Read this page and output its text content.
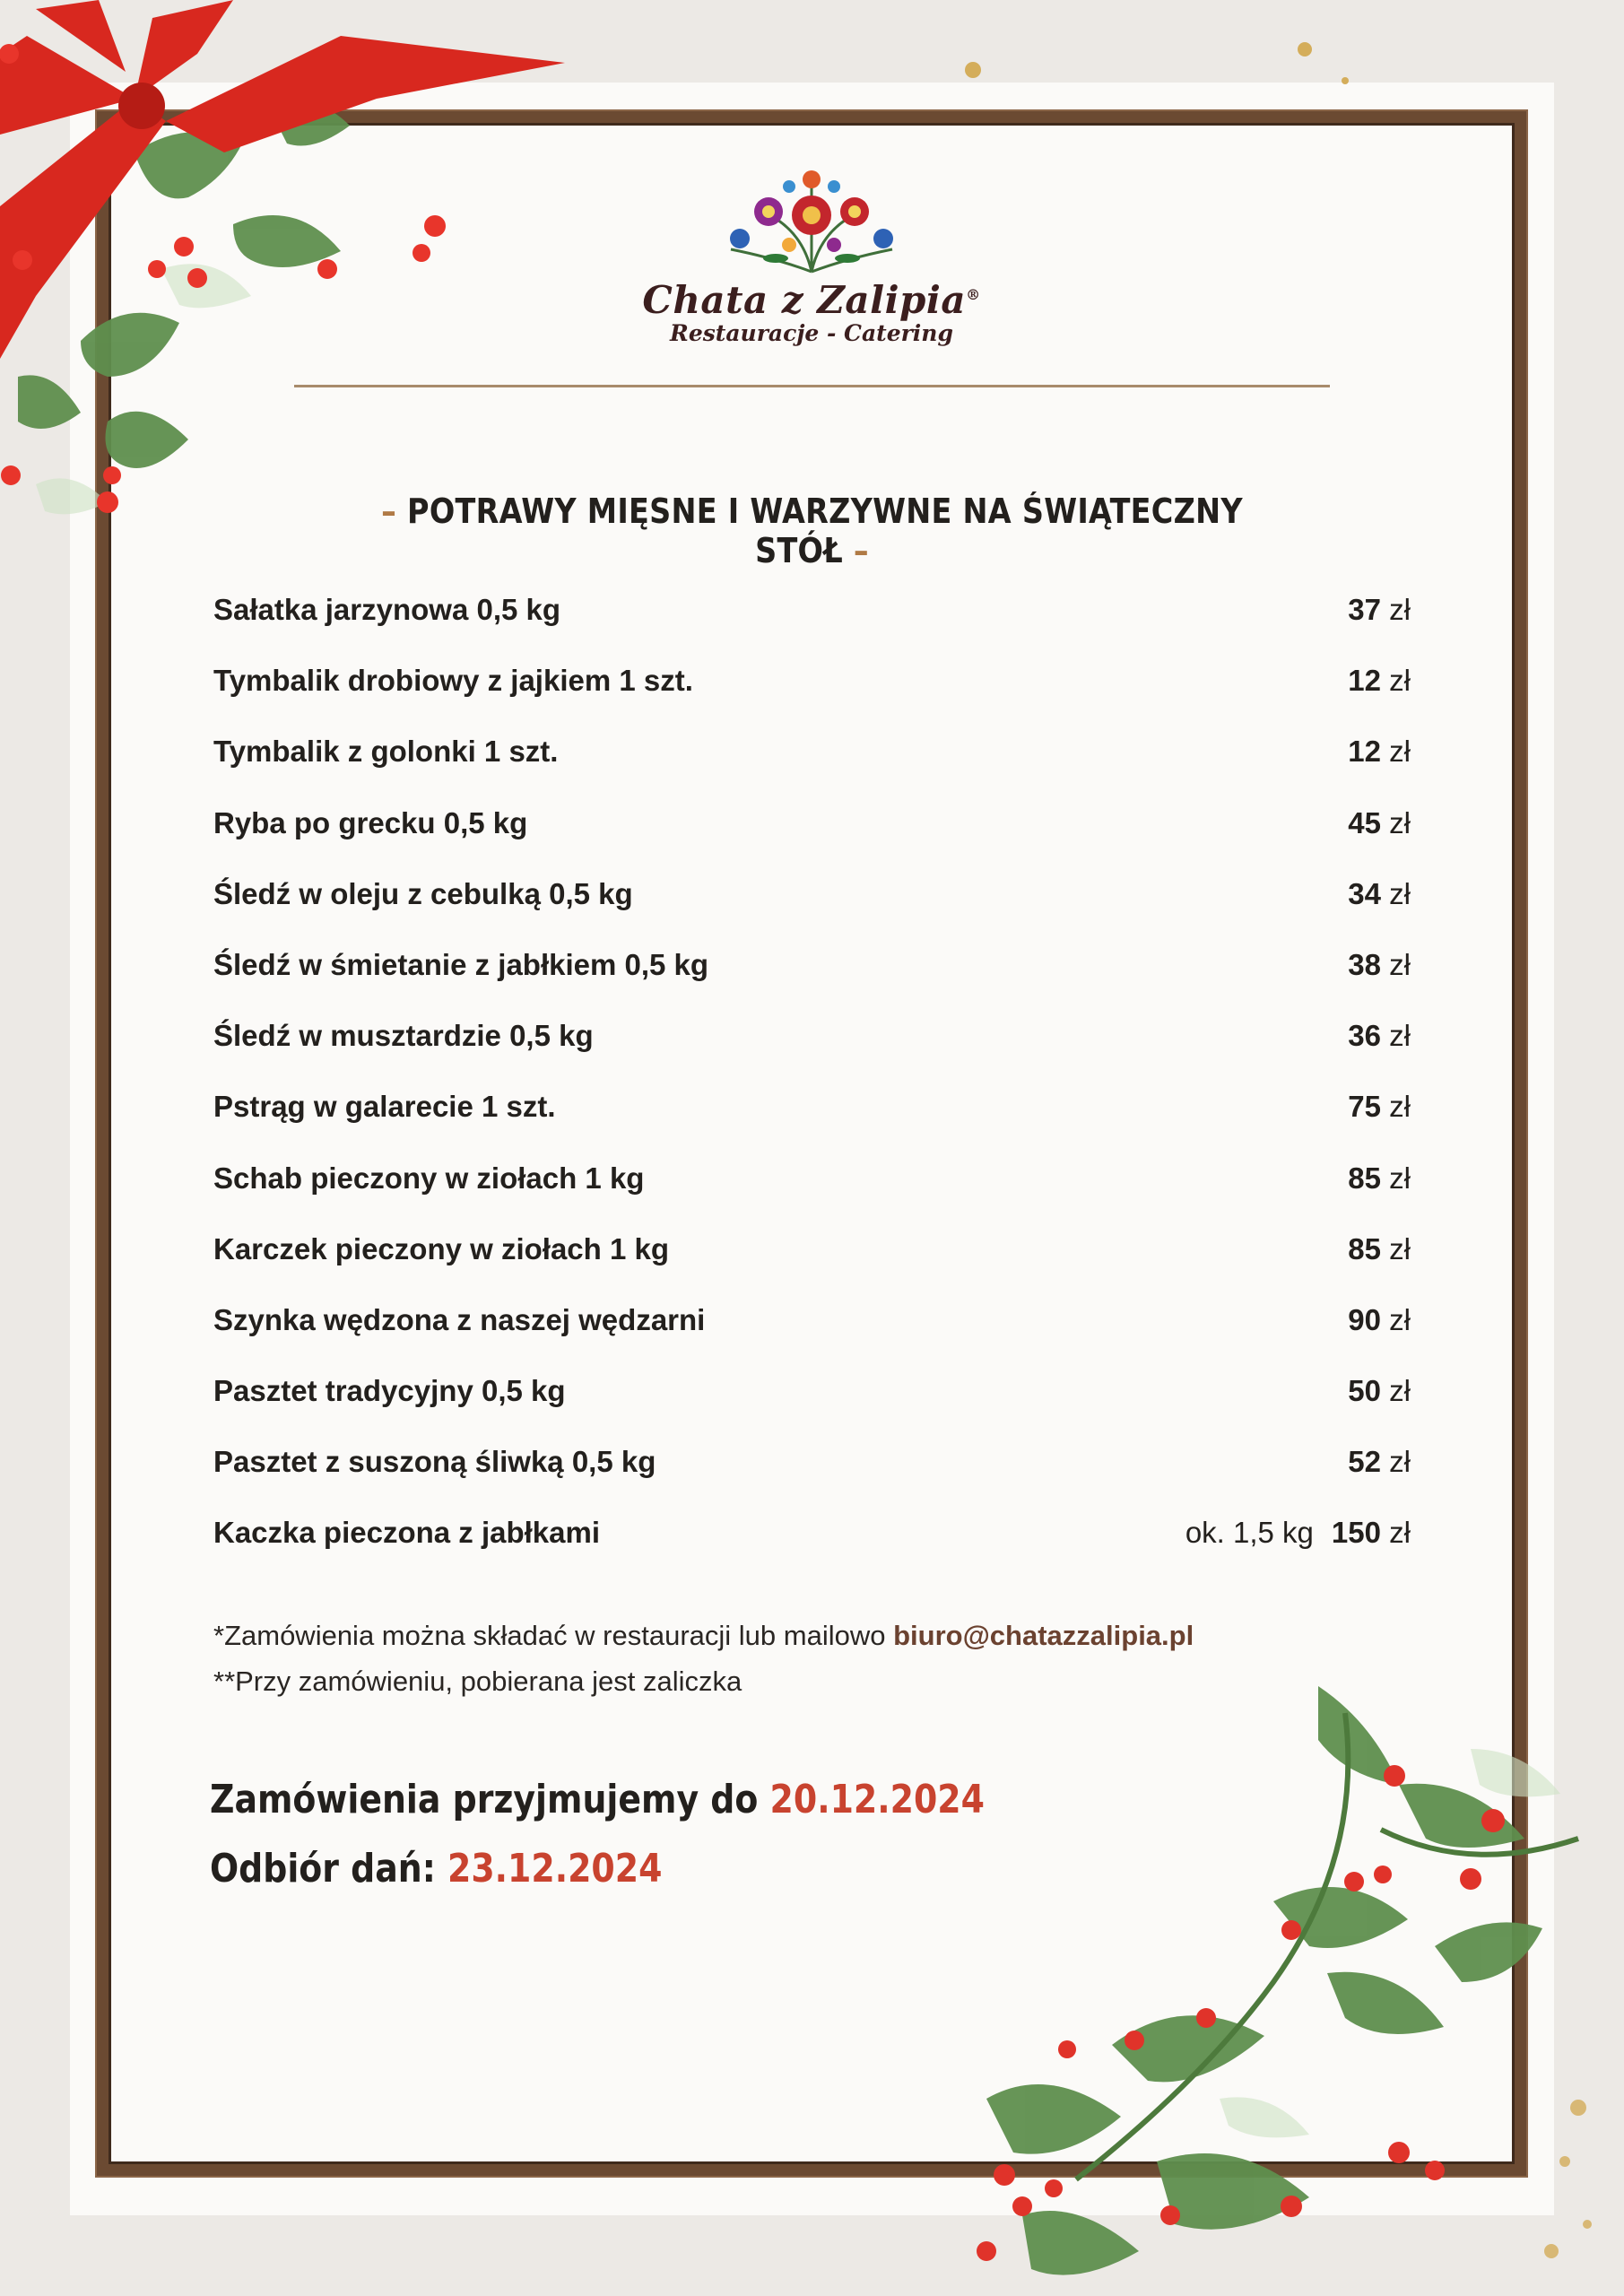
Chata z Zalipia®
Restauracje - Catering
– POTRAWY MIĘSNE I WARZYWNE NA ŚWIĄTECZNY STÓŁ –
Sałatka jarzynowa 0,5 kg	37 zł
Tymbalik drobiowy z jajkiem 1 szt.	12 zł
Tymbalik z golonki 1 szt.	12 zł
Ryba po grecku 0,5 kg	45 zł
Śledź w oleju z cebulką 0,5 kg	34 zł
Śledź w śmietanie z jabłkiem 0,5 kg	38 zł
Śledź w musztardzie 0,5 kg	36 zł
Pstrąg w galarecie 1 szt.	75 zł
Schab pieczony w ziołach 1 kg	85 zł
Karczek pieczony w ziołach 1 kg	85 zł
Szynka wędzona z naszej wędzarni	90 zł
Pasztet tradycyjny 0,5 kg	50 zł
Pasztet z suszoną śliwką 0,5 kg	52 zł
Kaczka pieczona z jabłkami	ok. 1,5 kg 150 zł
*Zamówienia można składać w restauracji lub mailowo biuro@chatazzalipia.pl
**Przy zamówieniu, pobierana jest zaliczka
Zamówienia przyjmujemy do 20.12.2024
Odbiór dań: 23.12.2024
